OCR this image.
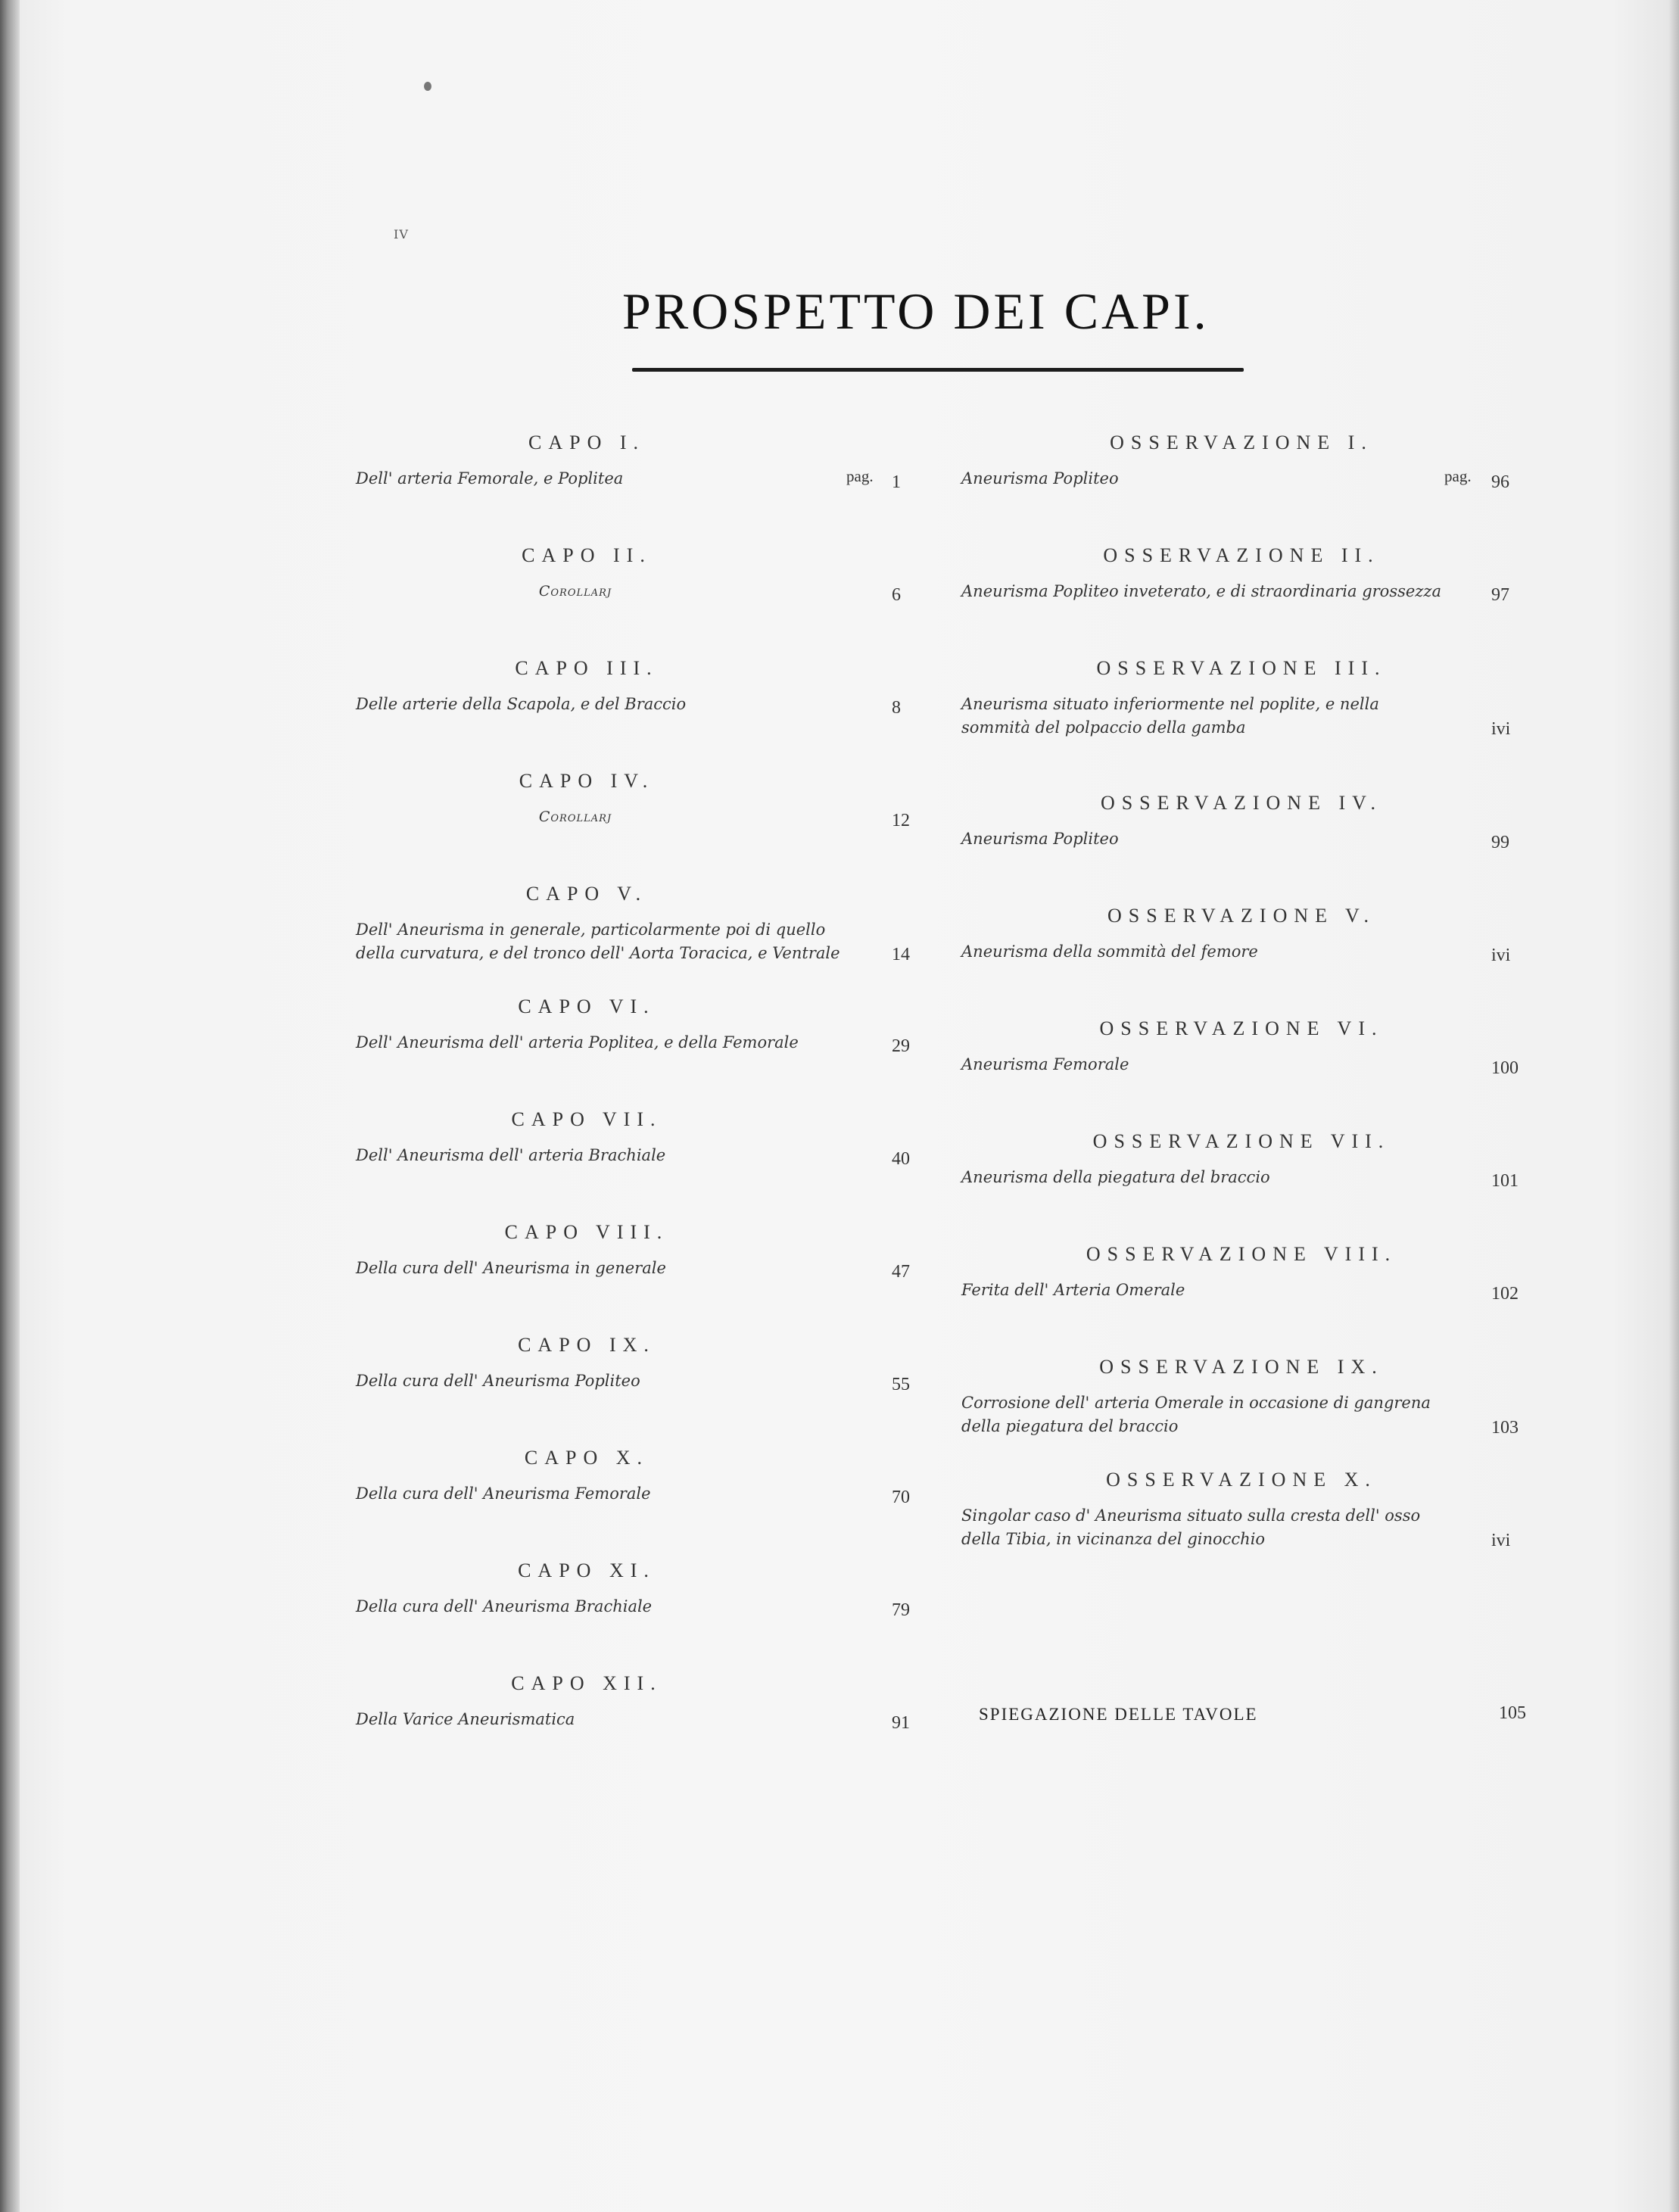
IV
PROSPETTO DEI CAPI.
CAPO I.
Dell' arteria Femorale, e Poplitea	pag. 1
CAPO II.
Corollarj	6
CAPO III.
Delle arterie della Scapola, e del Braccio	8
CAPO IV.
Corollarj	12
CAPO V.
Dell' Aneurisma in generale, particolarmente poi di quello della curvatura, e del tronco dell' Aorta Toracica, e Ventrale	14
CAPO VI.
Dell' Aneurisma dell' arteria Poplitea, e della Femorale	29
CAPO VII.
Dell' Aneurisma dell' arteria Brachiale	40
CAPO VIII.
Della cura dell' Aneurisma in generale	47
CAPO IX.
Della cura dell' Aneurisma Popliteo	55
CAPO X.
Della cura dell' Aneurisma Femorale	70
CAPO XI.
Della cura dell' Aneurisma Brachiale	79
CAPO XII.
Della Varice Aneurismatica	91
OSSERVAZIONE I.
Aneurisma Popliteo	pag. 96
OSSERVAZIONE II.
Aneurisma Popliteo inveterato, e di straordinaria grossezza	97
OSSERVAZIONE III.
Aneurisma situato inferiormente nel poplite, e nella sommità del polpaccio della gamba	ivi
OSSERVAZIONE IV.
Aneurisma Popliteo	99
OSSERVAZIONE V.
Aneurisma della sommità del femore	ivi
OSSERVAZIONE VI.
Aneurisma Femorale	100
OSSERVAZIONE VII.
Aneurisma della piegatura del braccio	101
OSSERVAZIONE VIII.
Ferita dell' Arteria Omerale	102
OSSERVAZIONE IX.
Corrosione dell' arteria Omerale in occasione di gangrena della piegatura del braccio	103
OSSERVAZIONE X.
Singolar caso d' Aneurisma situato sulla cresta dell' osso della Tibia, in vicinanza del ginocchio	ivi
SPIEGAZIONE DELLE TAVOLE	105
